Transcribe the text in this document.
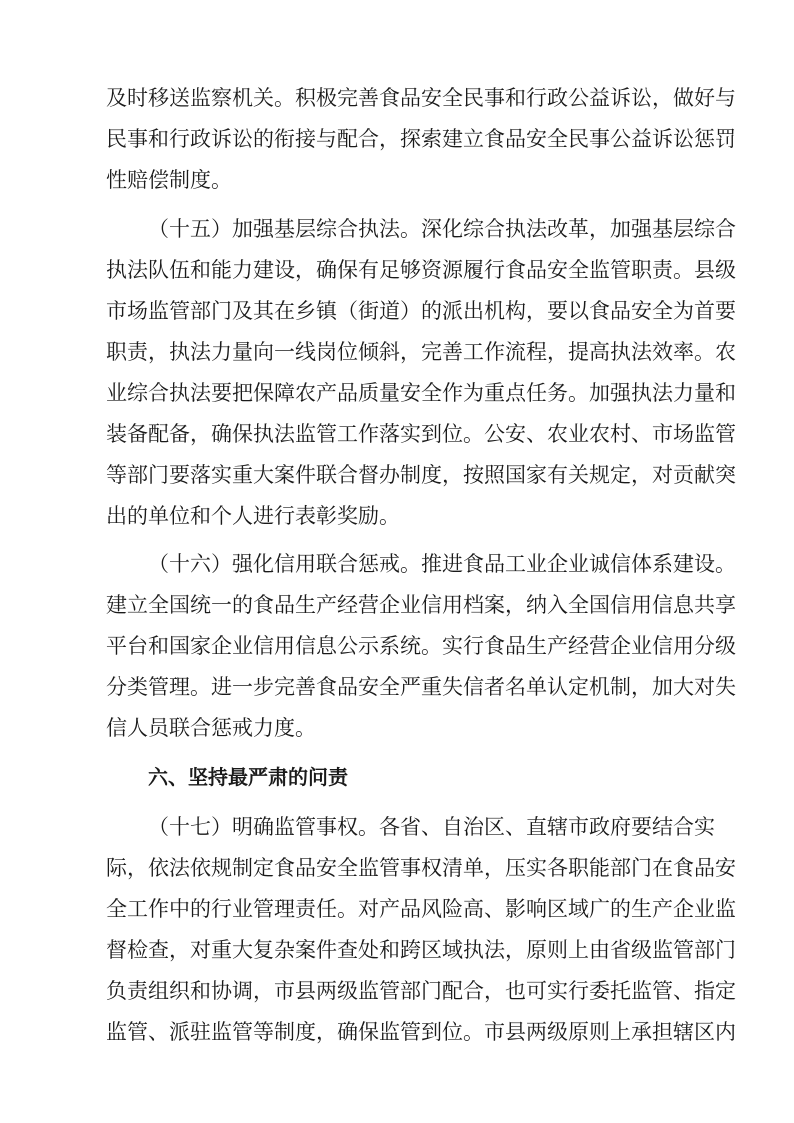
及时移送监察机关。积极完善食品安全民事和行政公益诉讼，做好与
民事和行政诉讼的衔接与配合，探索建立食品安全民事公益诉讼惩罚
性赔偿制度。
（十五）加强基层综合执法。深化综合执法改革，加强基层综合
执法队伍和能力建设，确保有足够资源履行食品安全监管职责。县级
市场监管部门及其在乡镇（街道）的派出机构，要以食品安全为首要
职责，执法力量向一线岗位倾斜，完善工作流程，提高执法效率。农
业综合执法要把保障农产品质量安全作为重点任务。加强执法力量和
装备配备，确保执法监管工作落实到位。公安、农业农村、市场监管
等部门要落实重大案件联合督办制度，按照国家有关规定，对贡献突
出的单位和个人进行表彰奖励。
（十六）强化信用联合惩戒。推进食品工业企业诚信体系建设。
建立全国统一的食品生产经营企业信用档案，纳入全国信用信息共享
平台和国家企业信用信息公示系统。实行食品生产经营企业信用分级
分类管理。进一步完善食品安全严重失信者名单认定机制，加大对失
信人员联合惩戒力度。
六、坚持最严肃的问责
（十七）明确监管事权。各省、自治区、直辖市政府要结合实
际，依法依规制定食品安全监管事权清单，压实各职能部门在食品安
全工作中的行业管理责任。对产品风险高、影响区域广的生产企业监
督检查，对重大复杂案件查处和跨区域执法，原则上由省级监管部门
负责组织和协调，市县两级监管部门配合，也可实行委托监管、指定
监管、派驻监管等制度，确保监管到位。市县两级原则上承担辖区内
